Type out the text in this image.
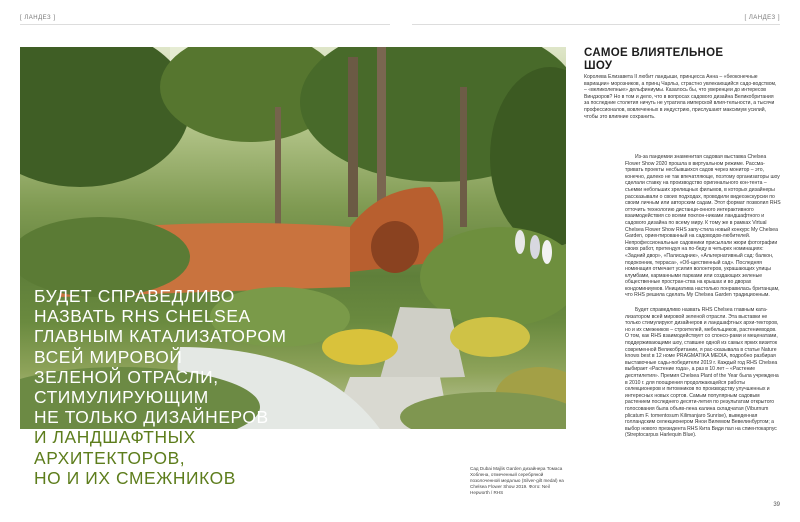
[ ЛАНДЕЗ ]	[ ЛАНДЕЗ ]
БУДЕТ СПРАВЕДЛИВО
НАЗВАТЬ RHS CHELSEA
ГЛАВНЫМ КАТАЛИЗАТОРОМ
ВСЕЙ МИРОВОЙ
ЗЕЛЕНОЙ ОТРАСЛИ,
СТИМУЛИРУЮЩИМ
НЕ ТОЛЬКО ДИЗАЙНЕРОВ
И ЛАНДШАФТНЫХ
АРХИТЕКТОРОВ,
НО И ИХ СМЕЖНИКОВ	Сад Dubai Majlis Garden дизайнера Томаса Хоблена, отмеченный серебряной позолоченной медалью (Silver-gilt medal) на Chelsea Flower Show 2019. Фото: Neil Hepworth / RHS
САМОЕ ВЛИЯТЕЛЬНОЕ
ШОУ

Королева Елизавета II любит ландыши, принцесса Анна – «беоконечные вариации» морозников, а принц Чарльз, страстно увлекающийся садо-водством, – «великолепные» дельфиниумы. Казалось бы, что уверенцеи до интересов Виндзоров? Но в том и дело, что в вопросах садового дизайна Великобритания за последние столетия ничуть не утратила имперской влия-тельности, а тысячи профессионалов, вовлеченных в индустрию, прислушают максимум усилий, чтобы это влияние сохранить.

Из-за пандемии знаменитая садовая выставка Chelsea Flower Show 2020 прошла в виртуальном режиме. Рассма-тривать проекты несбывшихся садов через монитор – это, конечно, далеко не так впечатляюще, поэтому организаторы шоу сделали ставку на производство оригинального кон-тента – съемки небольших зрелищных фильмов, в которых дизайнеры рассказывали о своих подходах, проводили видеоэкскурсии по своим личным или авторским садам. Этот формат позволил RHS отточить технологию дистанци-онного интерактивного взаимодействия со всеми поклон-никами ландшафтного и садового дизайна по всему миру. К тому же в рамках Virtual Chelsea Flower Show RHS запу-стила новый конкурс My Chelsea Garden, ориентированный на садоводов-любителей. Непрофессиональные садовники присылали жюри фотографии своих работ, претендуя на по-беду в четырех номинациях: «Задний двор», «Палисадник», «Альтернативный сад: балкон, подоконник, терраса», «Об-щественный сад». Последняя номинация отмечает усилия волонтеров, украшающих улицы клумбами, карманными парками или создающих зеленые общественные простран-ства на крышах и во дворах кондоминиумов. Инициатива настолько понравилась британцам, что RHS решила сделать My Chelsea Garden традиционным.

Будет справедливо назвать RHS Chelsea главным ката-лизатором всей мировой зеленой отрасли. Эта выставки не только стимулируют дизайнеров и ландшафтных архи-текторов, но и их смежников – строителей, мебельщиков, растениеводов. О том, как RHS взаимодействует со спонсо-рами и меценатами, поддерживающими шоу, ставшее одной из самых ярких визиток современной Великобритании, я рас-сказывала в статье Nature knows best в 12 номе PRAGMATIKA MEDIA, подробно разбирая выставочные сады-победители 2019 г. Каждый год RHS Chelsea выбирает «Растение года», а раз в 10 лет – «Растение десятилетия». Премия Chelsea Plant of the Year была учреждена в 2010 г. для поощрения продолжающейся работы селекционеров и питомников по производству улучшенных и интересных новых сортов. Самым популярным садовым растением последнего десяти-летия по результатам открытого голосования была объяв-лена калина складчатая (Viburnum plicatum F. tomentosum Kilimanjaro Sunrise), выведенная голландским селекционером Янои Вилемом Вевелинбуртом; а выбор нового президента RHS Кита Види пал на спиентокарпус (Streptocarpus Harlequin Blue).

39
